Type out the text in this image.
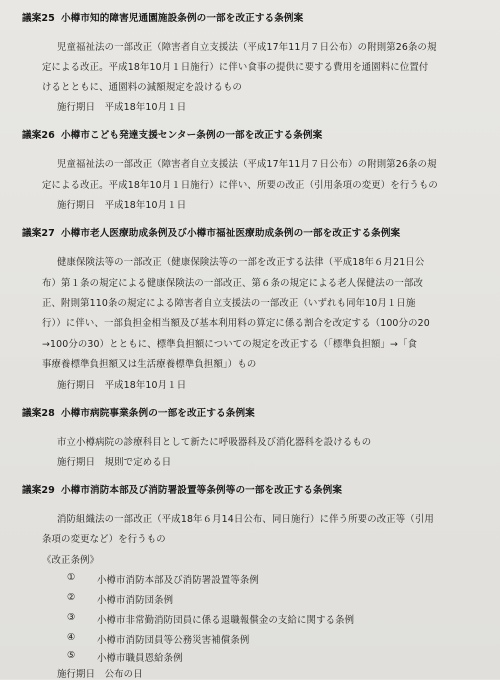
議案25 小樽市知的障害児通園施設条例の一部を改正する条例案
児童福祉法の一部改正（障害者自立支援法（平成17年11月７日公布）の附則第26条の規
定による改正。平成18年10月１日施行）に伴い食事の提供に要する費用を通園料に位置付
けるとともに、通園料の減額規定を設けるもの
施行期日　平成18年10月１日
議案26 小樽市こども発達支援センター条例の一部を改正する条例案
児童福祉法の一部改正（障害者自立支援法（平成17年11月７日公布）の附則第26条の規
定による改正。平成18年10月１日施行）に伴い、所要の改正（引用条項の変更）を行うもの
施行期日　平成18年10月１日
議案27 小樽市老人医療助成条例及び小樽市福祉医療助成条例の一部を改正する条例案
健康保険法等の一部改正（健康保険法等の一部を改正する法律（平成18年６月21日公
布）第１条の規定による健康保険法の一部改正、第６条の規定による老人保健法の一部改
正、附則第110条の規定による障害者自立支援法の一部改正（いずれも同年10月１日施
行））に伴い、一部負担金相当額及び基本利用料の算定に係る割合を改定する（100分の20
→100分の30）とともに、標準負担額についての規定を改正する（「標準負担額」→「食
事療養標準負担額又は生活療養標準負担額」）もの
施行期日　平成18年10月１日
議案28 小樽市病院事業条例の一部を改正する条例案
市立小樽病院の診療科目として新たに呼吸器科及び消化器科を設けるもの
施行期日　規則で定める日
議案29 小樽市消防本部及び消防署設置等条例等の一部を改正する条例案
消防組織法の一部改正（平成18年６月14日公布、同日施行）に伴う所要の改正等（引用
条項の変更など）を行うもの
《改正条例》
① 小樽市消防本部及び消防署設置等条例
② 小樽市消防団条例
③ 小樽市非常勤消防団員に係る退職報償金の支給に関する条例
④ 小樽市消防団員等公務災害補償条例
⑤ 小樽市職員恩給条例
施行期日　公布の日
